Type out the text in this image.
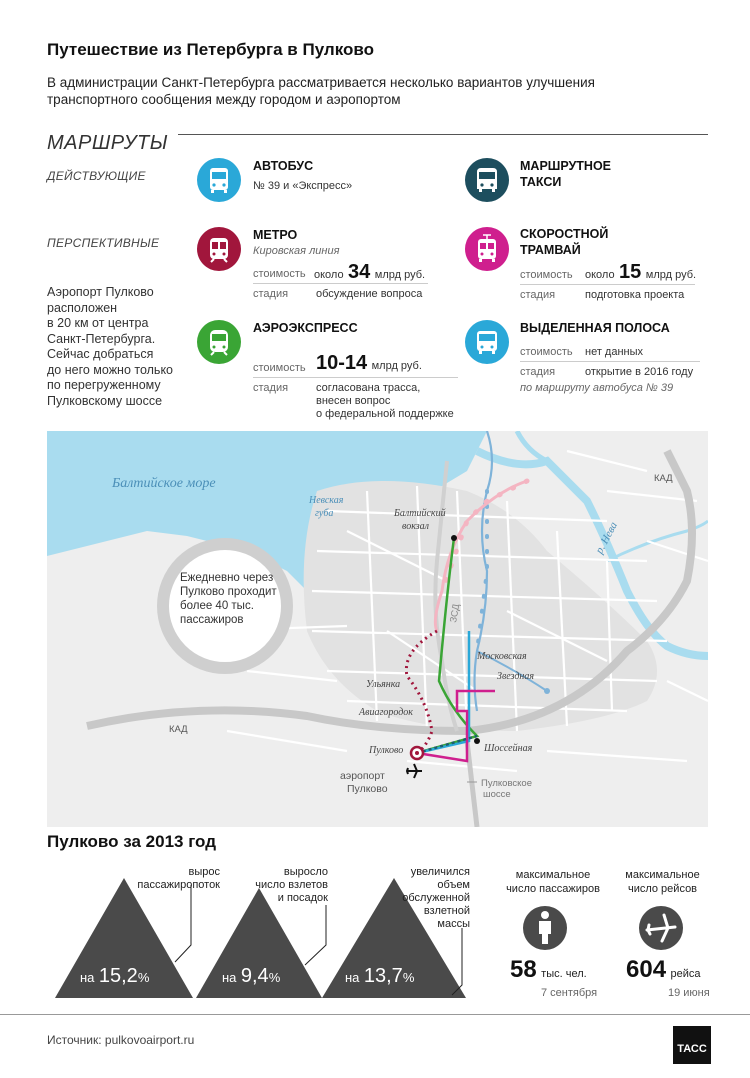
Путешествие из Петербурга в Пулково
В администрации Санкт-Петербурга рассматривается несколько вариантов улучшения транспортного сообщения между городом и аэропортом
МАРШРУТЫ
ДЕЙСТВУЮЩИЕ
ПЕРСПЕКТИВНЫЕ
АВТОБУС
№ 39 и «Экспресс»
МАРШРУТНОЕ
ТАКСИ
МЕТРО
Кировская линия
стоимость около 34 млрд руб.
стадия	обсуждение вопроса
СКОРОСТНОЙ
ТРАМВАЙ
стоимость около 15 млрд руб.
стадия	подготовка проекта
Аэропорт Пулково
расположен
в 20 км от центра
Санкт-Петербурга.
Сейчас добраться
до него можно только
по перегруженному
Пулковскому шоссе
АЭРОЭКСПРЕСС
стоимость 10-14 млрд руб.
стадия	согласована трасса,
внесен вопрос
о федеральной поддержке
ВЫДЕЛЕННАЯ ПОЛОСА
стоимость нет данных
стадия	открытие в 2016 году
по маршруту автобуса № 39
Балтийское море
Невская
губа
р. Нева
КАД
КАД
ЗСД
аэропорт
Пулково	Пулковское
шоссе
Балтийский
вокзал
Московская
Звездная
Ульянка
Авиагородок
Шоссейная
Пулково
Ежедневно через
Пулково проходит
более 40 тыс.
пассажиров
Пулково за 2013 год
вырос
пассажиропоток
выросло
число взлетов
и посадок
увеличился
объем
обслуженной
взлетной
массы
на 15,2%	на 9,4%	на 13,7%
максимальное
число пассажиров
максимальное
число рейсов
58 тыс. чел.
7 сентября
604 рейса
19 июня
Источник: pulkovoairport.ru
ТАСС
